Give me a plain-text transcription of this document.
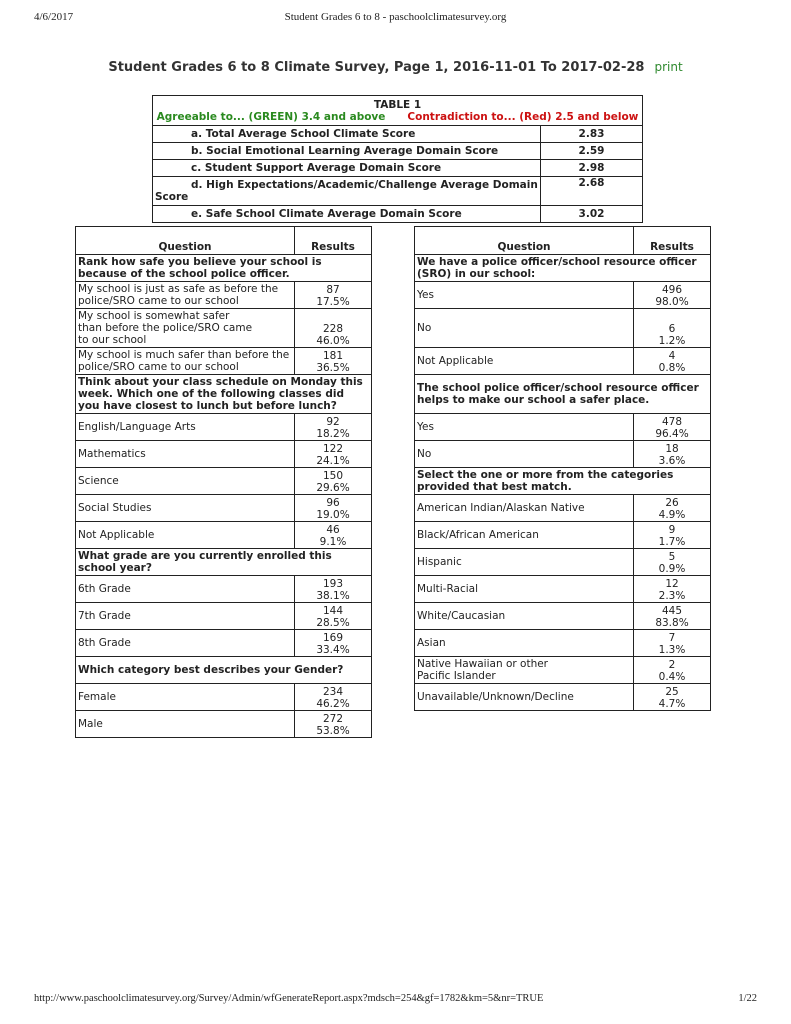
4/6/2017	Student Grades 6 to 8 - paschoolclimatesurvey.org
Student Grades 6 to 8 Climate Survey, Page 1, 2016-11-01 To 2017-02-28 print
TABLE 1
Agreeable to... (GREEN) 3.4 and above Contradiction to... (Red) 2.5 and below	

a. Total Average School Climate Score	2.83
b. Social Emotional Learning Average Domain Score	2.59
c. Student Support Average Domain Score	2.98
d. High Expectations/Academic/Challenge Average Domain Score	2.68
e. Safe School Climate Average Domain Score	3.02
Question	Results
Rank how safe you believe your school is because of the school police officer.	
My school is just as safe as before the police/SRO came to our school	87
17.5%

My school is somewhat safer than before the police/SRO came to our school	228
46.0%

My school is much safer than before the police/SRO came to our school	181
36.5%

Think about your class schedule on Monday this week. Which one of the following classes did you have closest to lunch but before lunch?	
English/Language Arts	92
18.2%

Mathematics	122
24.1%

Science	150
29.6%

Social Studies	96
19.0%

Not Applicable	46
9.1%

What grade are you currently enrolled this school year?	
6th Grade	193
38.1%

7th Grade	144
28.5%

8th Grade	169
33.4%

Which category best describes your Gender?	
Female	234
46.2%

Male	272
53.8%
Question	Results
We have a police officer/school resource officer (SRO) in our school:	
Yes	496
98.0%

No	6
1.2%

Not Applicable	4
0.8%

The school police officer/school resource officer helps to make our school a safer place.	
Yes	478
96.4%

No	18
3.6%

Select the one or more from the categories provided that best match.	
American Indian/Alaskan Native	26
4.9%

Black/African American	9
1.7%

Hispanic	5
0.9%

Multi-Racial	12
2.3%

White/Caucasian	445
83.8%

Asian	7
1.3%

Native Hawaiian or other Pacific Islander	2
0.4%

Unavailable/Unknown/Decline	25
4.7%
http://www.paschoolclimatesurvey.org/Survey/Admin/wfGenerateReport.aspx?mdsch=254&gf=1782&km=5&nr=TRUE	1/22
